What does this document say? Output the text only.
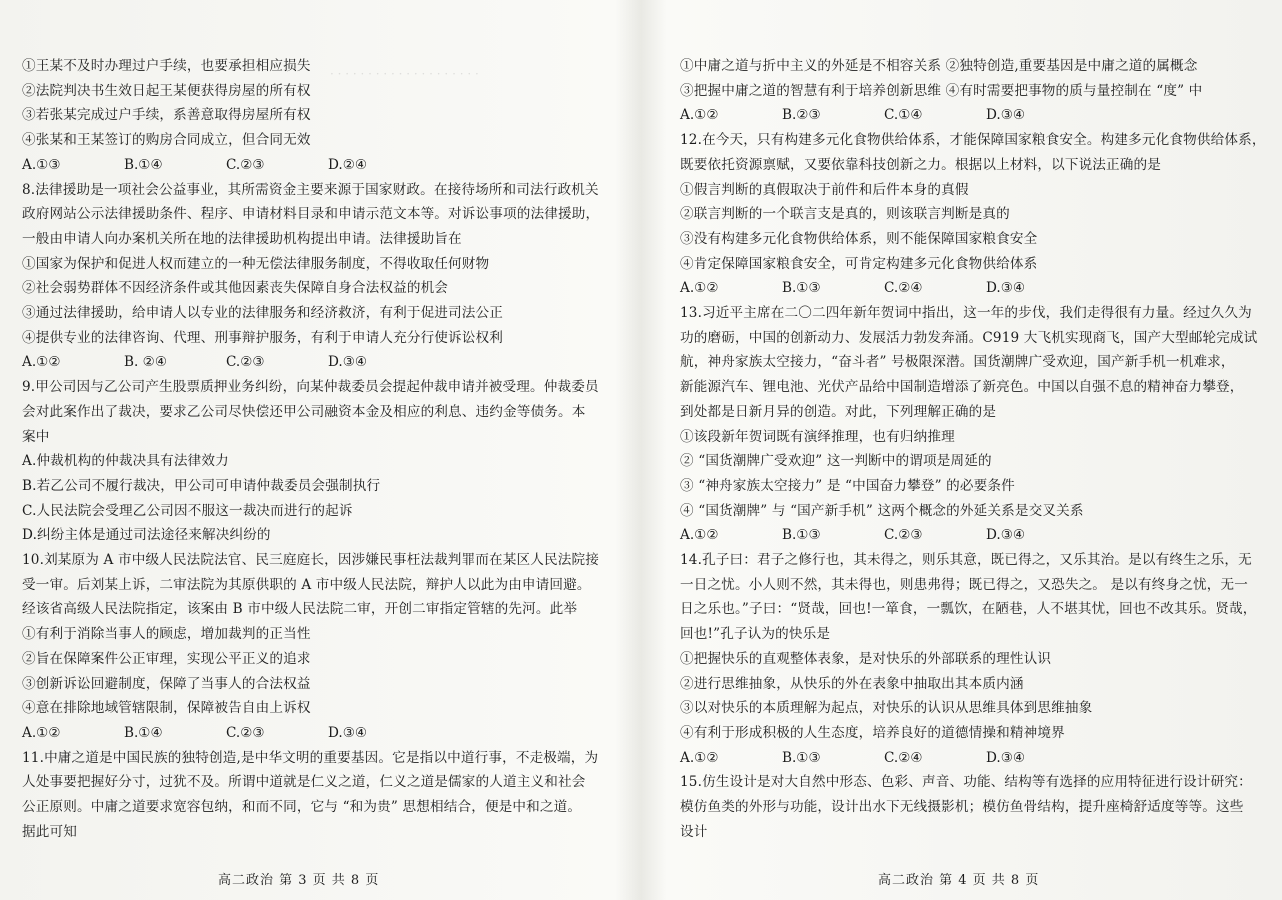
· · · · · · · · · · · · · · · · · · · ·
①王某不及时办理过户手续，也要承担相应损失
②法院判决书生效日起王某便获得房屋的所有权
③若张某完成过户手续，系善意取得房屋所有权
④张某和王某签订的购房合同成立，但合同无效
A.①③	B.①④	C.②③	D.②④
8.法律援助是一项社会公益事业，其所需资金主要来源于国家财政。在接待场所和司法行政机关
政府网站公示法律援助条件、程序、申请材料目录和申请示范文本等。对诉讼事项的法律援助，
一般由申请人向办案机关所在地的法律援助机构提出申请。法律援助旨在
①国家为保护和促进人权而建立的一种无偿法律服务制度，不得收取任何财物
②社会弱势群体不因经济条件或其他因素丧失保障自身合法权益的机会
③通过法律援助，给申请人以专业的法律服务和经济救济，有利于促进司法公正
④提供专业的法律咨询、代理、刑事辩护服务，有利于申请人充分行使诉讼权利
A.①②	B. ②④	C.②③	D.③④
9.甲公司因与乙公司产生股票质押业务纠纷，向某仲裁委员会提起仲裁申请并被受理。仲裁委员
会对此案作出了裁决，要求乙公司尽快偿还甲公司融资本金及相应的利息、违约金等债务。本
案中
A.仲裁机构的仲裁决具有法律效力
B.若乙公司不履行裁决，甲公司可申请仲裁委员会强制执行
C.人民法院会受理乙公司因不服这一裁决而进行的起诉
D.纠纷主体是通过司法途径来解决纠纷的
10.刘某原为 A 市中级人民法院法官、民三庭庭长，因涉嫌民事枉法裁判罪而在某区人民法院接
受一审。后刘某上诉，二审法院为其原供职的 A 市中级人民法院，辩护人以此为由申请回避。
经该省高级人民法院指定，该案由 B 市中级人民法院二审，开创二审指定管辖的先河。此举
①有利于消除当事人的顾虑，增加裁判的正当性
②旨在保障案件公正审理，实现公平正义的追求
③创新诉讼回避制度，保障了当事人的合法权益
④意在排除地域管辖限制，保障被告自由上诉权
A.①②	B.①④	C.②③	D.③④
11.中庸之道是中国民族的独特创造,是中华文明的重要基因。它是指以中道行事，不走极端，为
人处事要把握好分寸，过犹不及。所谓中道就是仁义之道，仁义之道是儒家的人道主义和社会
公正原则。中庸之道要求宽容包纳，和而不同，它与 “和为贵” 思想相结合，便是中和之道。
据此可知
①中庸之道与折中主义的外延是不相容关系 ②独特创造,重要基因是中庸之道的属概念
③把握中庸之道的智慧有利于培养创新思维 ④有时需要把事物的质与量控制在 “度” 中
A.①②	B.②③	C.①④	D.③④
12.在今天，只有构建多元化食物供给体系，才能保障国家粮食安全。构建多元化食物供给体系，
既要依托资源禀赋，又要依靠科技创新之力。根据以上材料，以下说法正确的是
①假言判断的真假取决于前件和后件本身的真假
②联言判断的一个联言支是真的，则该联言判断是真的
③没有构建多元化食物供给体系，则不能保障国家粮食安全
④肯定保障国家粮食安全，可肯定构建多元化食物供给体系
A.①②	B.①③	C.②④	D.③④
13.习近平主席在二〇二四年新年贺词中指出，这一年的步伐，我们走得很有力量。经过久久为
功的磨砺，中国的创新动力、发展活力勃发奔涌。C919 大飞机实现商飞，国产大型邮轮完成试
航，神舟家族太空接力，“奋斗者” 号极限深潜。国货潮牌广受欢迎，国产新手机一机难求，
新能源汽车、锂电池、光伏产品给中国制造增添了新亮色。中国以自强不息的精神奋力攀登，
到处都是日新月异的创造。对此，下列理解正确的是
①该段新年贺词既有演绎推理，也有归纳推理
② “国货潮牌广受欢迎” 这一判断中的谓项是周延的
③ “神舟家族太空接力” 是 “中国奋力攀登” 的必要条件
④ “国货潮牌” 与 “国产新手机” 这两个概念的外延关系是交叉关系
A.①②	B.①③	C.②③	D.③④
14.孔子曰：君子之修行也，其未得之，则乐其意，既已得之，又乐其治。是以有终生之乐，无
一日之忧。小人则不然，其未得也，则患弗得；既已得之，又恐失之。 是以有终身之忧，无一
日之乐也。”子曰：“贤哉，回也!一箪食，一瓢饮，在陋巷，人不堪其忧，回也不改其乐。贤哉，
回也!”孔子认为的快乐是
①把握快乐的直观整体表象，是对快乐的外部联系的理性认识
②进行思维抽象，从快乐的外在表象中抽取出其本质内涵
③以对快乐的本质理解为起点，对快乐的认识从思维具体到思维抽象
④有利于形成积极的人生态度，培养良好的道德情操和精神境界
A.①②	B.①③	C.②④	D.③④
15.仿生设计是对大自然中形态、色彩、声音、功能、结构等有选择的应用特征进行设计研究：
模仿鱼类的外形与功能，设计出水下无线摄影机；模仿鱼骨结构，提升座椅舒适度等等。这些
设计
高二政治 第 3 页 共 8 页	高二政治 第 4 页 共 8 页
